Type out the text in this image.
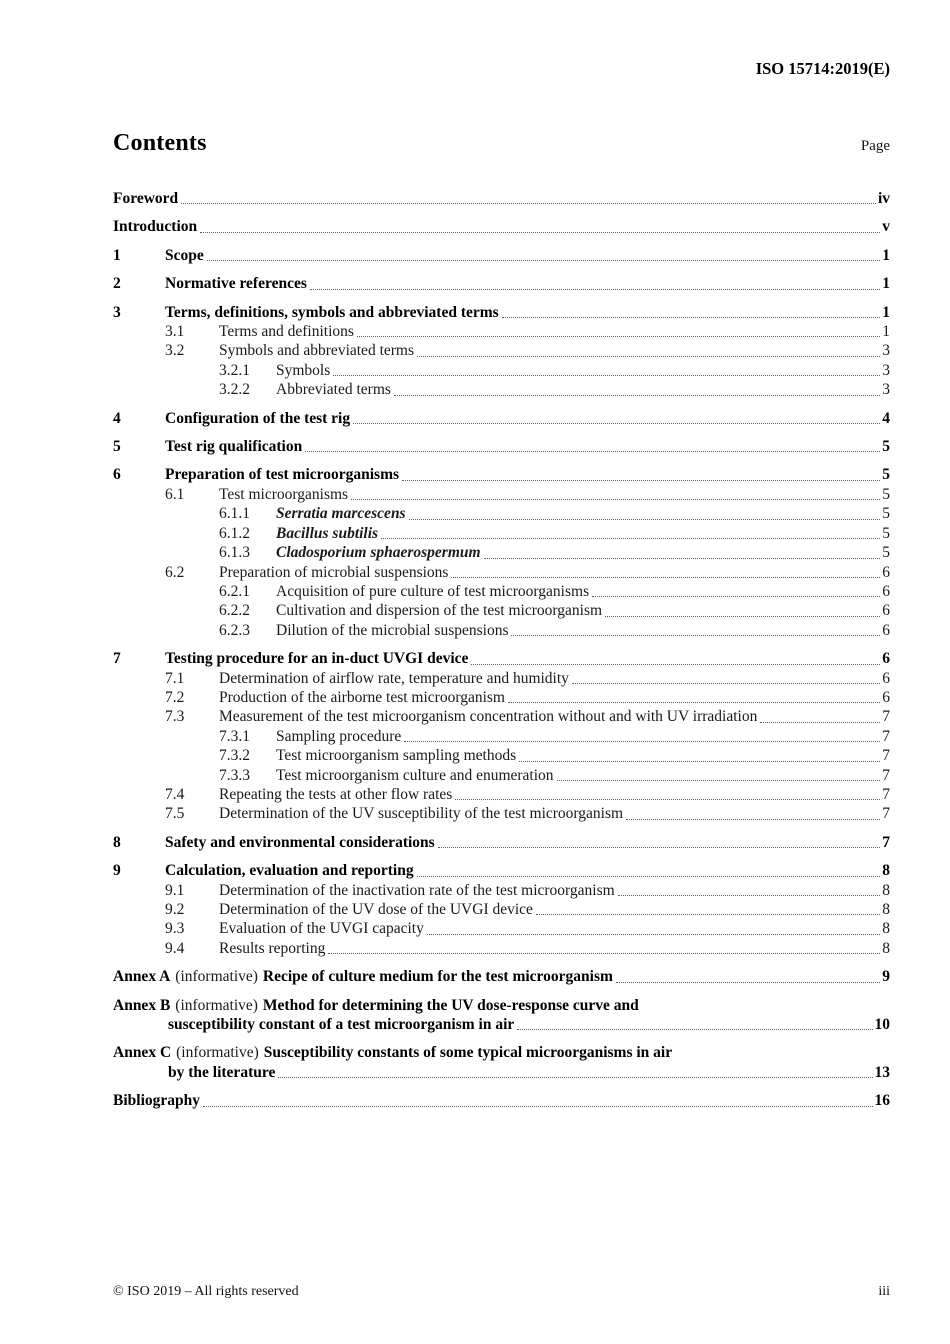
ISO 15714:2019(E)
Contents	Page
Foreword	iv
Introduction	v
1	Scope	1
2	Normative references	1
3	Terms, definitions, symbols and abbreviated terms	1
3.1	Terms and definitions	1
3.2	Symbols and abbreviated terms	3
3.2.1	Symbols	3
3.2.2	Abbreviated terms	3
4	Configuration of the test rig	4
5	Test rig qualification	5
6	Preparation of test microorganisms	5
6.1	Test microorganisms	5
6.1.1	Serratia marcescens	5
6.1.2	Bacillus subtilis	5
6.1.3	Cladosporium sphaerospermum	5
6.2	Preparation of microbial suspensions	6
6.2.1	Acquisition of pure culture of test microorganisms	6
6.2.2	Cultivation and dispersion of the test microorganism	6
6.2.3	Dilution of the microbial suspensions	6
7	Testing procedure for an in-duct UVGI device	6
7.1	Determination of airflow rate, temperature and humidity	6
7.2	Production of the airborne test microorganism	6
7.3	Measurement of the test microorganism concentration without and with UV irradiation	7
7.3.1	Sampling procedure	7
7.3.2	Test microorganism sampling methods	7
7.3.3	Test microorganism culture and enumeration	7
7.4	Repeating the tests at other flow rates	7
7.5	Determination of the UV susceptibility of the test microorganism	7
8	Safety and environmental considerations	7
9	Calculation, evaluation and reporting	8
9.1	Determination of the inactivation rate of the test microorganism	8
9.2	Determination of the UV dose of the UVGI device	8
9.3	Evaluation of the UVGI capacity	8
9.4	Results reporting	8
Annex A (informative) Recipe of culture medium for the test microorganism	9
Annex B (informative) Method for determining the UV dose-response curve and
susceptibility constant of a test microorganism in air	10
Annex C (informative) Susceptibility constants of some typical microorganisms in air
by the literature	13
Bibliography	16
© ISO 2019 – All rights reserved	iii
